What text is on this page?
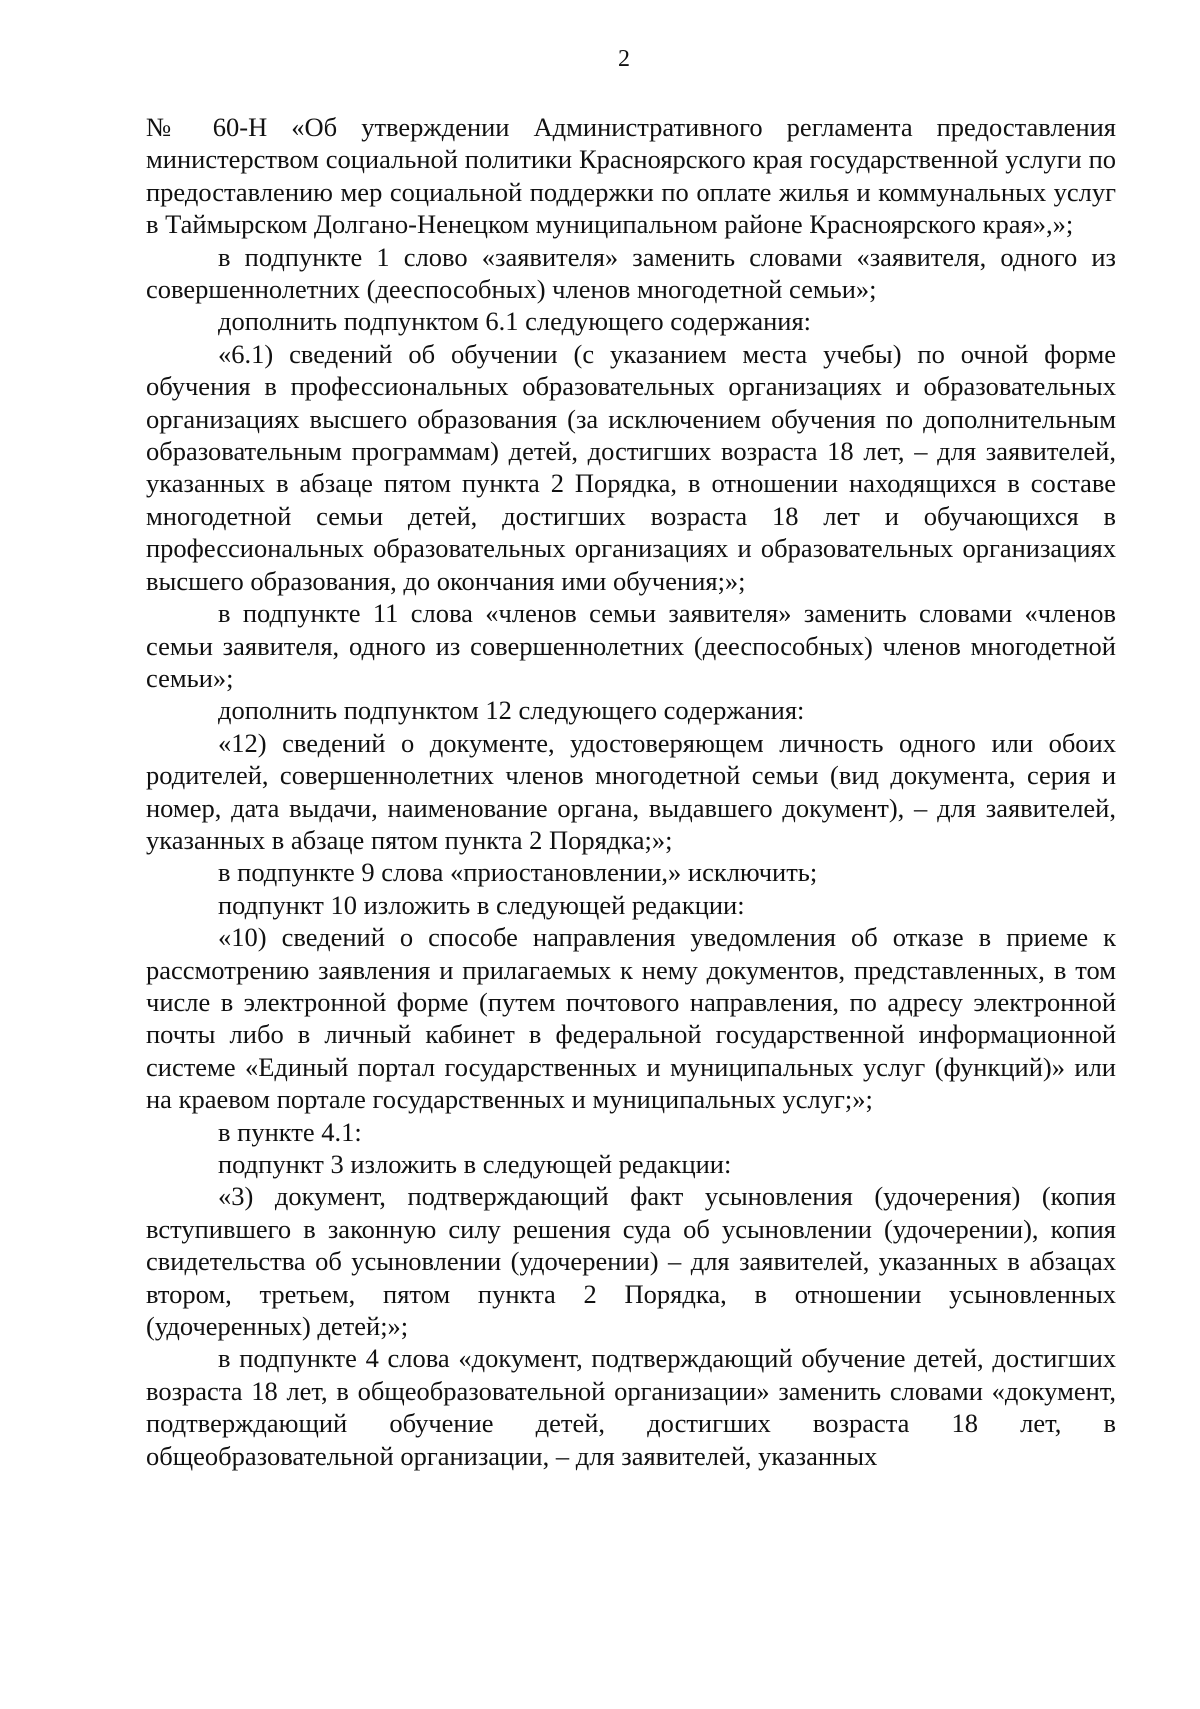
2

№ 60-Н «Об утверждении Административного регламента предоставления министерством социальной политики Красноярского края государственной услуги по предоставлению мер социальной поддержки по оплате жилья и коммунальных услуг в Таймырском Долгано-Ненецком муниципальном районе Красноярского края»,»;

в подпункте 1 слово «заявителя» заменить словами «заявителя, одного из совершеннолетних (дееспособных) членов многодетной семьи»;

дополнить подпунктом 6.1 следующего содержания:

«6.1) сведений об обучении (с указанием места учебы) по очной форме обучения в профессиональных образовательных организациях и образовательных организациях высшего образования (за исключением обучения по дополнительным образовательным программам) детей, достигших возраста 18 лет, – для заявителей, указанных в абзаце пятом пункта 2 Порядка, в отношении находящихся в составе многодетной семьи детей, достигших возраста 18 лет и обучающихся в профессиональных образовательных организациях и образовательных организациях высшего образования, до окончания ими обучения;»;

в подпункте 11 слова «членов семьи заявителя» заменить словами «членов семьи заявителя, одного из совершеннолетних (дееспособных) членов многодетной семьи»;

дополнить подпунктом 12 следующего содержания:

«12) сведений о документе, удостоверяющем личность одного или обоих родителей, совершеннолетних членов многодетной семьи (вид документа, серия и номер, дата выдачи, наименование органа, выдавшего документ), – для заявителей, указанных в абзаце пятом пункта 2 Порядка;»;

в подпункте 9 слова «приостановлении,» исключить;

подпункт 10 изложить в следующей редакции:

«10) сведений о способе направления уведомления об отказе в приеме к рассмотрению заявления и прилагаемых к нему документов, представленных, в том числе в электронной форме (путем почтового направления, по адресу электронной почты либо в личный кабинет в федеральной государственной информационной системе «Единый портал государственных и муниципальных услуг (функций)» или на краевом портале государственных и муниципальных услуг;»;

в пункте 4.1:

подпункт 3 изложить в следующей редакции:

«3) документ, подтверждающий факт усыновления (удочерения) (копия вступившего в законную силу решения суда об усыновлении (удочерении), копия свидетельства об усыновлении (удочерении) – для заявителей, указанных в абзацах втором, третьем, пятом пункта 2 Порядка, в отношении усыновленных (удочеренных) детей;»;

в подпункте 4 слова «документ, подтверждающий обучение детей, достигших возраста 18 лет, в общеобразовательной организации» заменить словами «документ, подтверждающий обучение детей, достигших возраста 18 лет, в общеобразовательной организации, – для заявителей, указанных
